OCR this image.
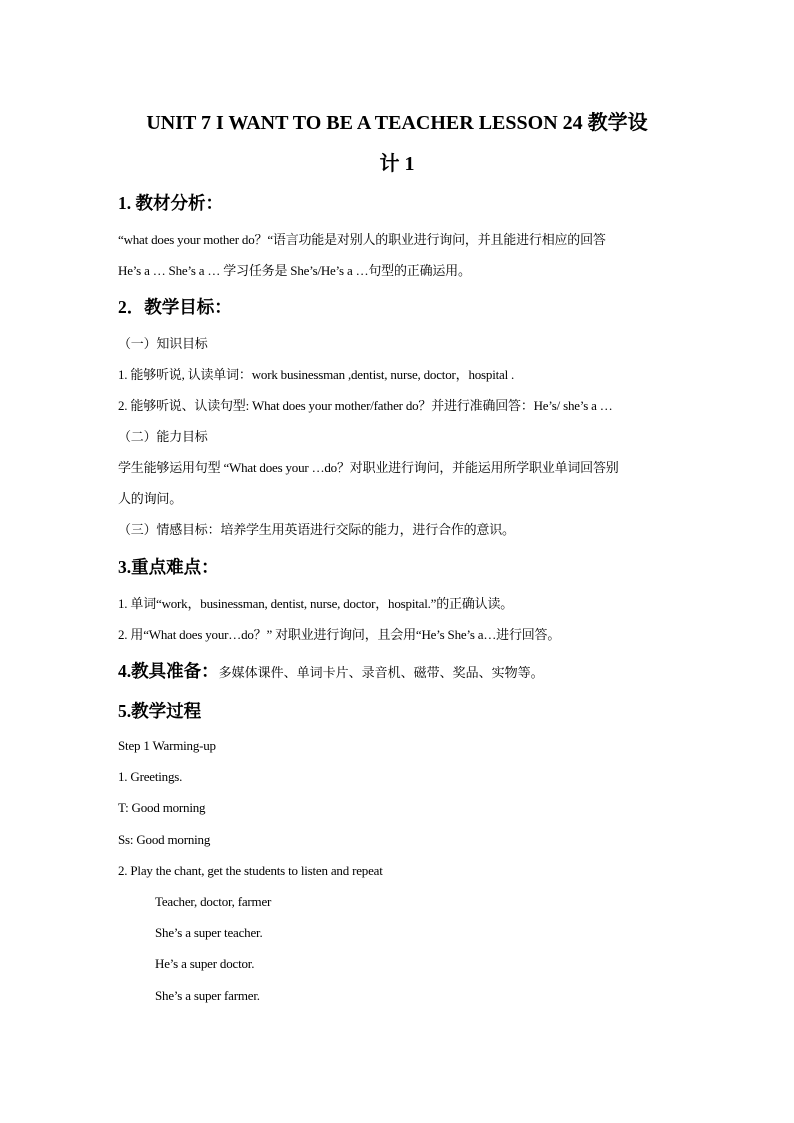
UNIT 7 I WANT TO BE A TEACHER LESSON 24 教学设
计 1
1. 教材分析：
“what does your mother do？“语言功能是对别人的职业进行询问，并且能进行相应的回答
He’s a … She’s a … 学习任务是 She’s/He’s a …句型的正确运用。
2．教学目标：
（一）知识目标
1. 能够听说, 认读单词：work businessman ,dentist, nurse, doctor，hospital .
2. 能够听说、认读句型: What does your mother/father do？并进行准确回答：He’s/ she’s a …
（二）能力目标
学生能够运用句型 “What does your …do？对职业进行询问，并能运用所学职业单词回答别
人的询问。
（三）情感目标：培养学生用英语进行交际的能力，进行合作的意识。
3.重点难点：
1. 单词“work，businessman, dentist, nurse, doctor，hospital.”的正确认读。
2. 用“What does your…do？” 对职业进行询问，且会用“He’s She’s a…进行回答。
4.教具准备：多媒体课件、单词卡片、录音机、磁带、奖品、实物等。
5.教学过程
Step 1 Warming-up
1. Greetings.
T: Good morning
Ss: Good morning
2. Play the chant, get the students to listen and repeat
Teacher, doctor, farmer
She’s a super teacher.
He’s a super doctor.
She’s a super farmer.
